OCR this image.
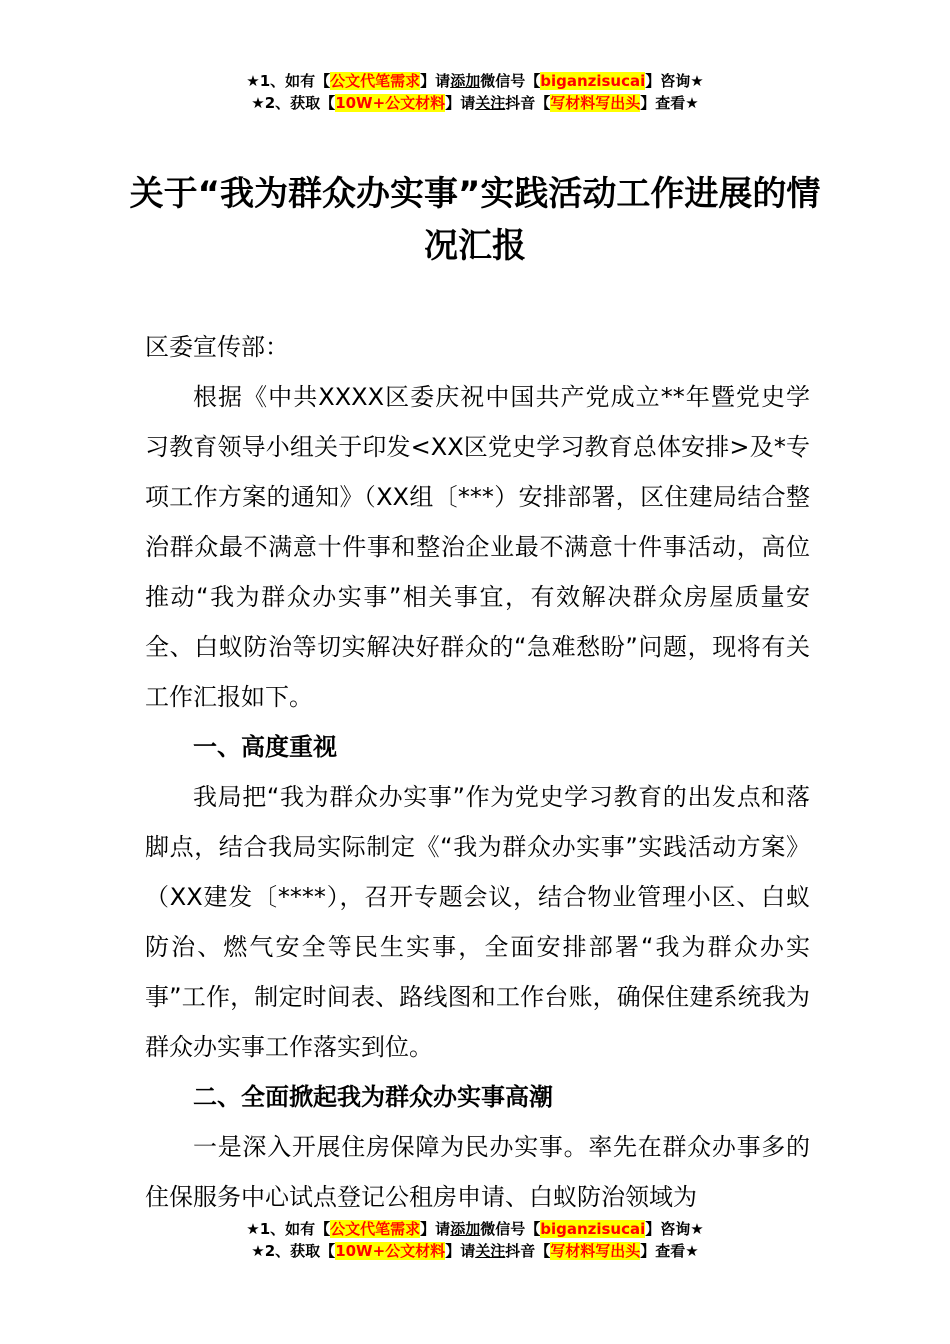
★1、如有【公文代笔需求】请添加微信号【biganzisucai】咨询★
★2、获取【10W+公文材料】请关注抖音【写材料写出头】查看★
关于“我为群众办实事”实践活动工作进展的情况汇报

区委宣传部：

根据《中共XXXX区委庆祝中国共产党成立**年暨党史学习教育领导小组关于印发<XX区党史学习教育总体安排>及*专项工作方案的通知》（XX组〔***）安排部署，区住建局结合整治群众最不满意十件事和整治企业最不满意十件事活动，高位推动“我为群众办实事”相关事宜，有效解决群众房屋质量安全、白蚁防治等切实解决好群众的“急难愁盼”问题，现将有关工作汇报如下。

一、高度重视

我局把“我为群众办实事”作为党史学习教育的出发点和落脚点，结合我局实际制定《“我为群众办实事”实践活动方案》（XX建发〔****），召开专题会议，结合物业管理小区、白蚁防治、燃气安全等民生实事，全面安排部署“我为群众办实事”工作，制定时间表、路线图和工作台账，确保住建系统我为群众办实事工作落实到位。

二、全面掀起我为群众办实事高潮

一是深入开展住房保障为民办实事。率先在群众办事多的住保服务中心试点登记公租房申请、白蚁防治领域为

★1、如有【公文代笔需求】请添加微信号【biganzisucai】咨询★
★2、获取【10W+公文材料】请关注抖音【写材料写出头】查看★
